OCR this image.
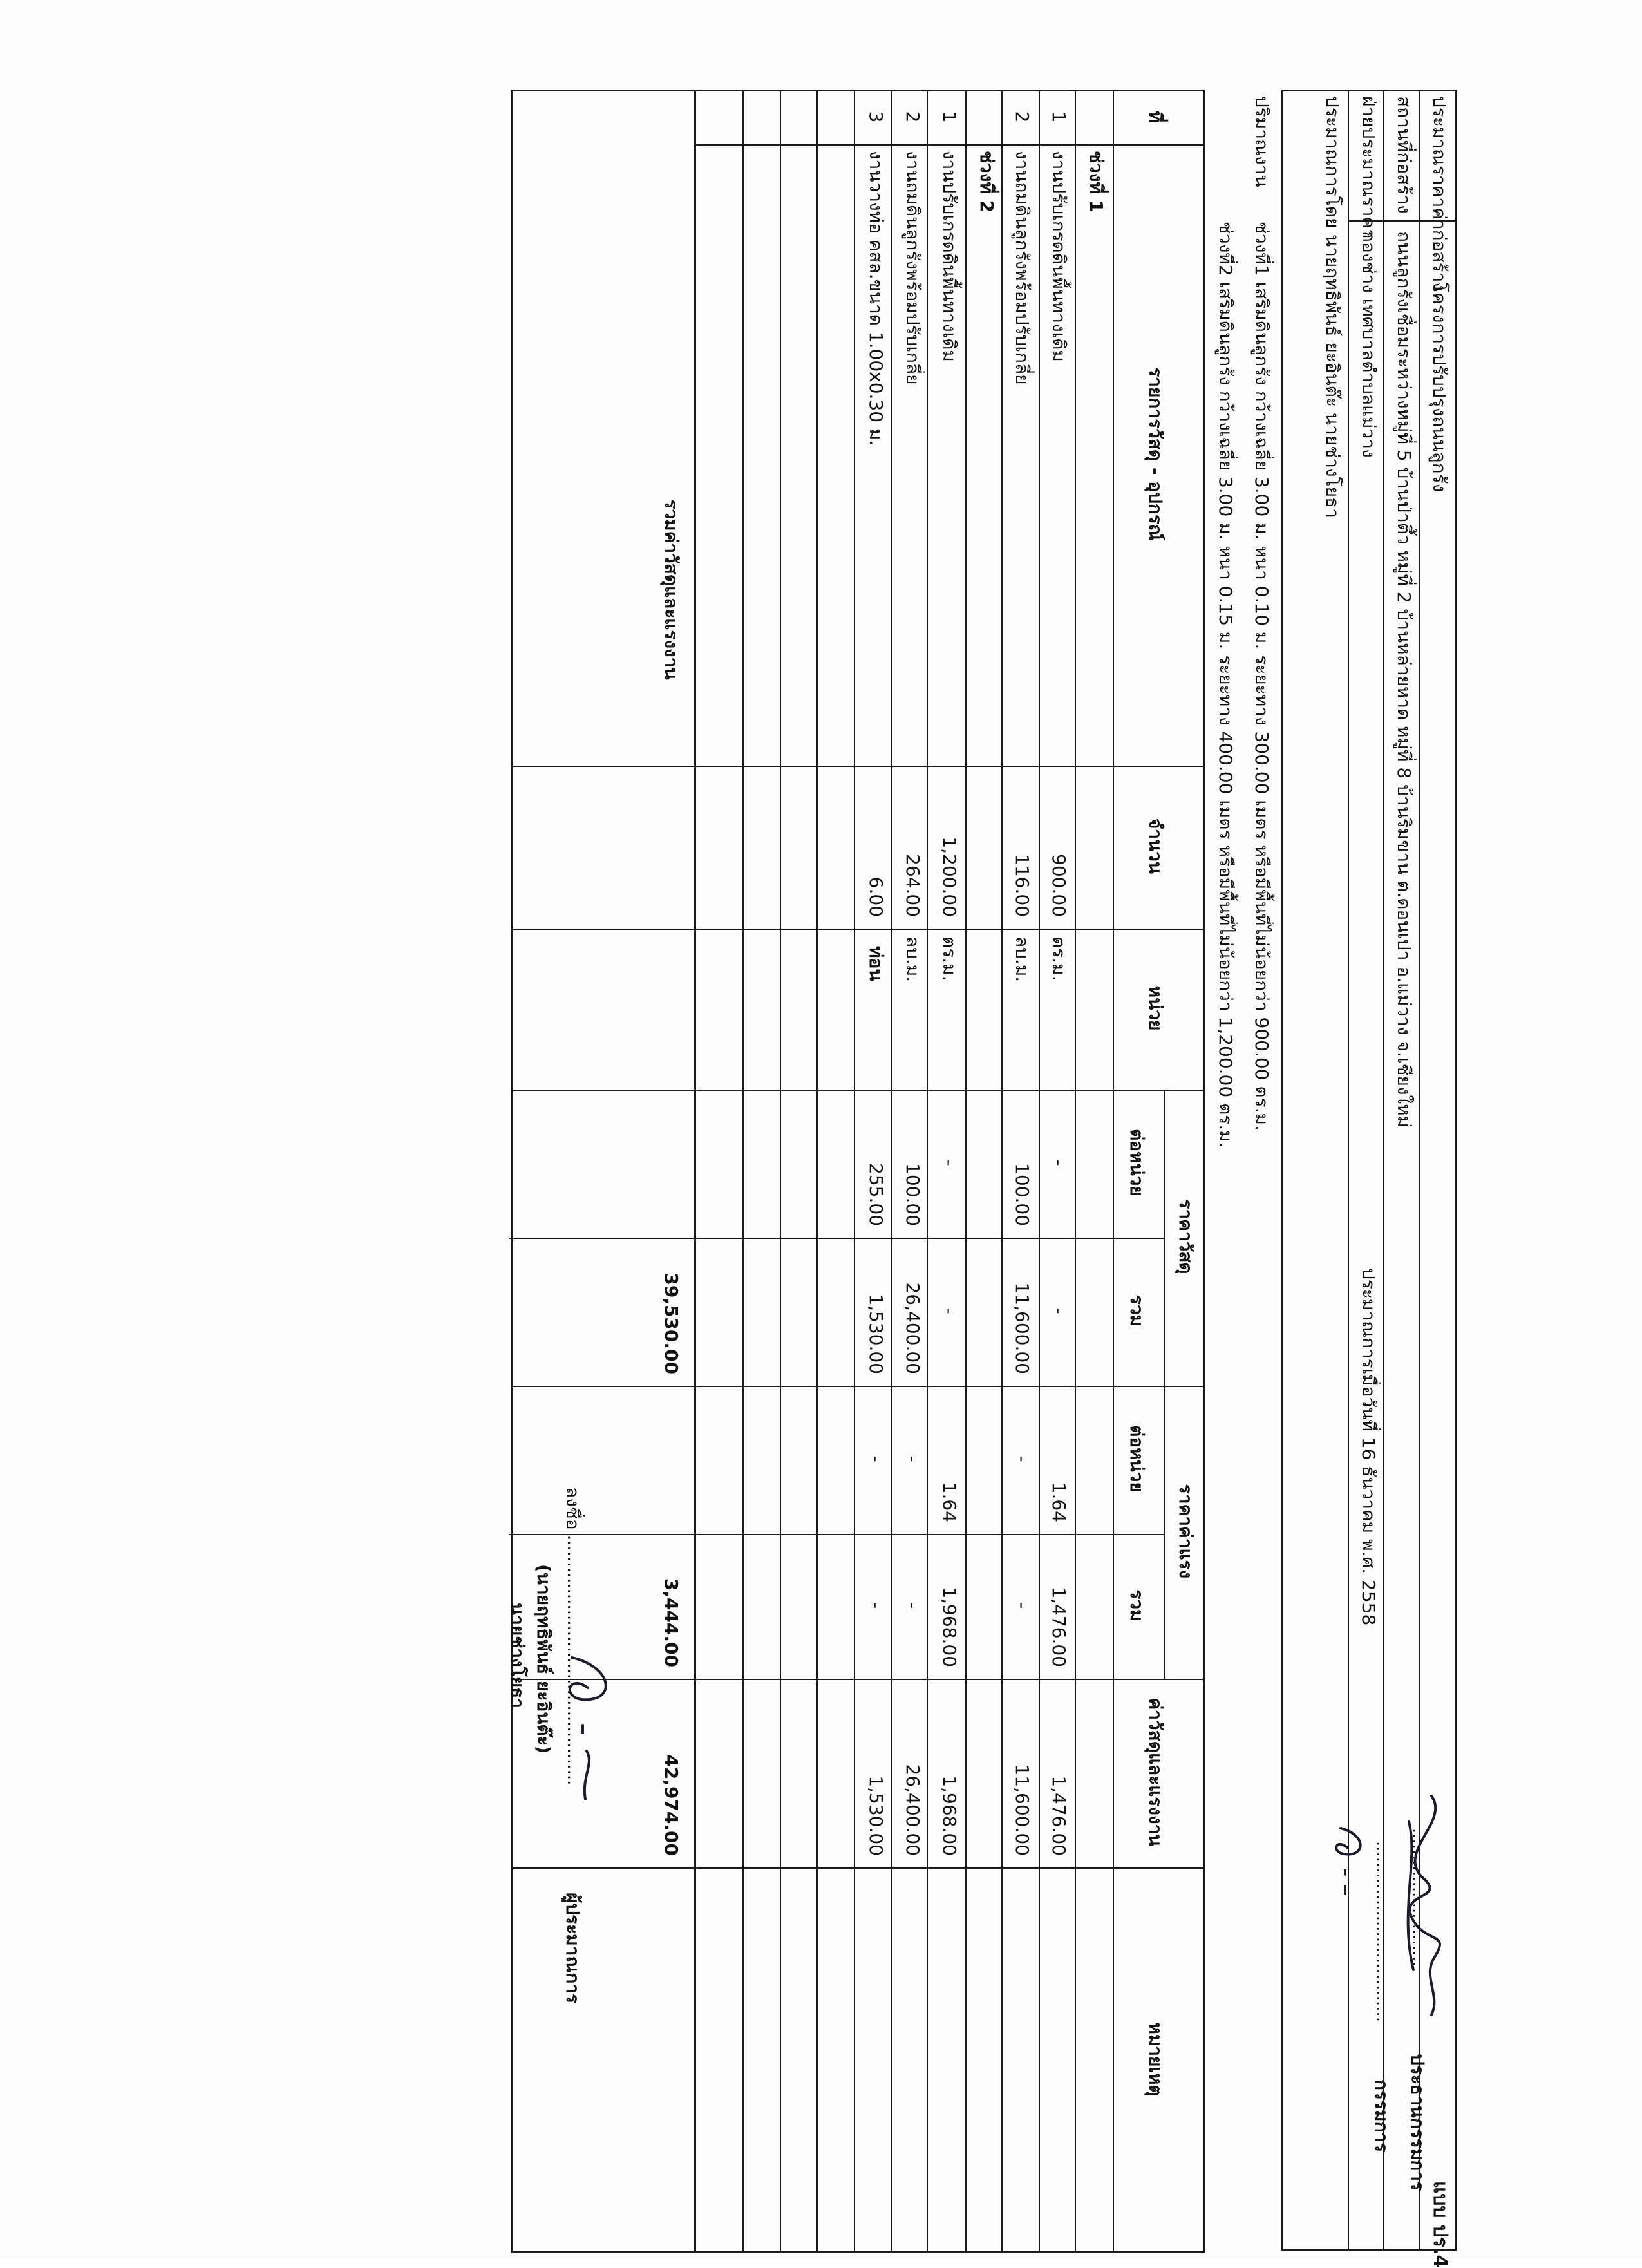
แบบ ปร.4
ประมาณราคาค่าก่อสร้าง
โครงการปรับปรุงถนนลูกรัง
สถานที่ก่อสร้าง
ถนนลูกรังเชื่อมระหว่างหมู่ที่ 5 บ้านป่าตึ้ว หมู่ที่ 2 บ้านหล่ายหาด หมู่ที่ 8 บ้านริมขาน ต.ดอนเปา อ.แม่วาง จ.เชียงใหม่
ฝ่ายประมาณราคา
กองช่าง เทศบาลตำบลแม่วาง
ประมาณการเมื่อวันที่ 16 ธันวาคม พ.ศ. 2558
ประมาณการโดย
นายฤทธิพันธ์ ยะอินต๊ะ นายช่างโยธา
..........................
ประธานกรรมการ
..................................
กรรมการ
ปริมาณงาน
ช่วงที่1 เสริมดินลูกรัง กว้างเฉลี่ย 3.00 ม. หนา 0.10 ม. ระยะทาง 300.00 เมตร หรือมีพื้นที่ไม่น้อยกว่า 900.00 ตร.ม.
ช่วงที่2 เสริมดินลูกรัง กว้างเฉลี่ย 3.00 ม. หนา 0.15 ม. ระยะทาง 400.00 เมตร หรือมีพื้นที่ไม่น้อยกว่า 1,200.00 ตร.ม.
ที่
รายการวัสดุ - อุปกรณ์
จำนวน
หน่วย
ราคาวัสดุ
ราคาค่าแรง
ต่อหน่วย
รวม
ต่อหน่วย
รวม
ค่าวัสดุและแรงงาน
หมายเหตุ
ช่วงที่ 1
1
งานปรับเกรดดินพื้นทางเดิม
900.00
ตร.ม.
-
-
1.64
1,476.00
1,476.00
2
งานถมดินลูกรังพร้อมปรับเกลี่ย
116.00
ลบ.ม.
100.00
11,600.00
-
-
11,600.00
ช่วงที่ 2
1
งานปรับเกรดดินพื้นทางเดิม
1,200.00
ตร.ม.
-
-
1.64
1,968.00
1,968.00
2
งานถมดินลูกรังพร้อมปรับเกลี่ย
264.00
ลบ.ม.
100.00
26,400.00
-
-
26,400.00
3
งานวางท่อ คสล.ขนาด 1.00x0.30 ม.
6.00
ท่อน
255.00
1,530.00
-
-
1,530.00
รวมค่าวัสดุและแรงงาน
39,530.00
3,444.00
42,974.00
ลงชื่อ
...............................................
ผู้ประมาณการ
(นายฤทธิพันธ์ ยะอินต๊ะ)
นายช่างโยธา
